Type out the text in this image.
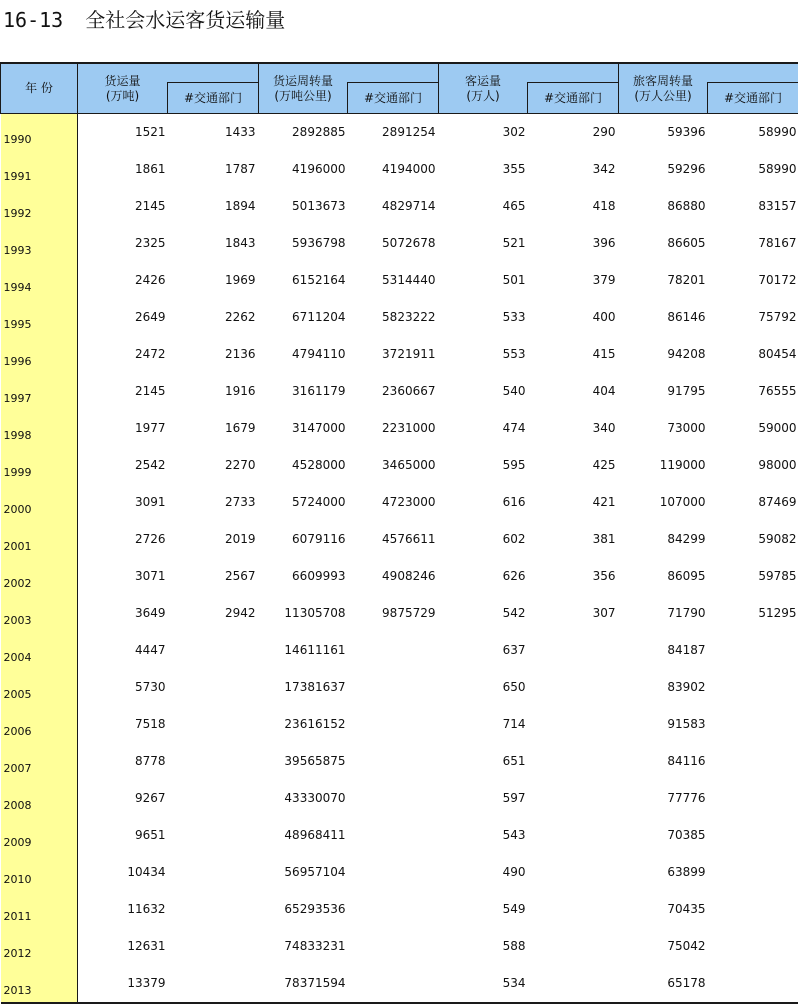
16-13 全社会水运客货运输量
年 份	货运量
(万吨)		货运周转量
(万吨公里)		客运量
(万人)		旅客周转量
(万人公里)	
		#交通部门		#交通部门		#交通部门		#交通部门
1990	1521	1433	2892885	2891254	302	290	59396	58990
1991	1861	1787	4196000	4194000	355	342	59296	58990
1992	2145	1894	5013673	4829714	465	418	86880	83157
1993	2325	1843	5936798	5072678	521	396	86605	78167
1994	2426	1969	6152164	5314440	501	379	78201	70172
1995	2649	2262	6711204	5823222	533	400	86146	75792
1996	2472	2136	4794110	3721911	553	415	94208	80454
1997	2145	1916	3161179	2360667	540	404	91795	76555
1998	1977	1679	3147000	2231000	474	340	73000	59000
1999	2542	2270	4528000	3465000	595	425	119000	98000
2000	3091	2733	5724000	4723000	616	421	107000	87469
2001	2726	2019	6079116	4576611	602	381	84299	59082
2002	3071	2567	6609993	4908246	626	356	86095	59785
2003	3649	2942	11305708	9875729	542	307	71790	51295
2004	4447		14611161		637		84187	
2005	5730		17381637		650		83902	
2006	7518		23616152		714		91583	
2007	8778		39565875		651		84116	
2008	9267		43330070		597		77776	
2009	9651		48968411		543		70385	
2010	10434		56957104		490		63899	
2011	11632		65293536		549		70435	
2012	12631		74833231		588		75042	
2013	13379		78371594		534		65178	
